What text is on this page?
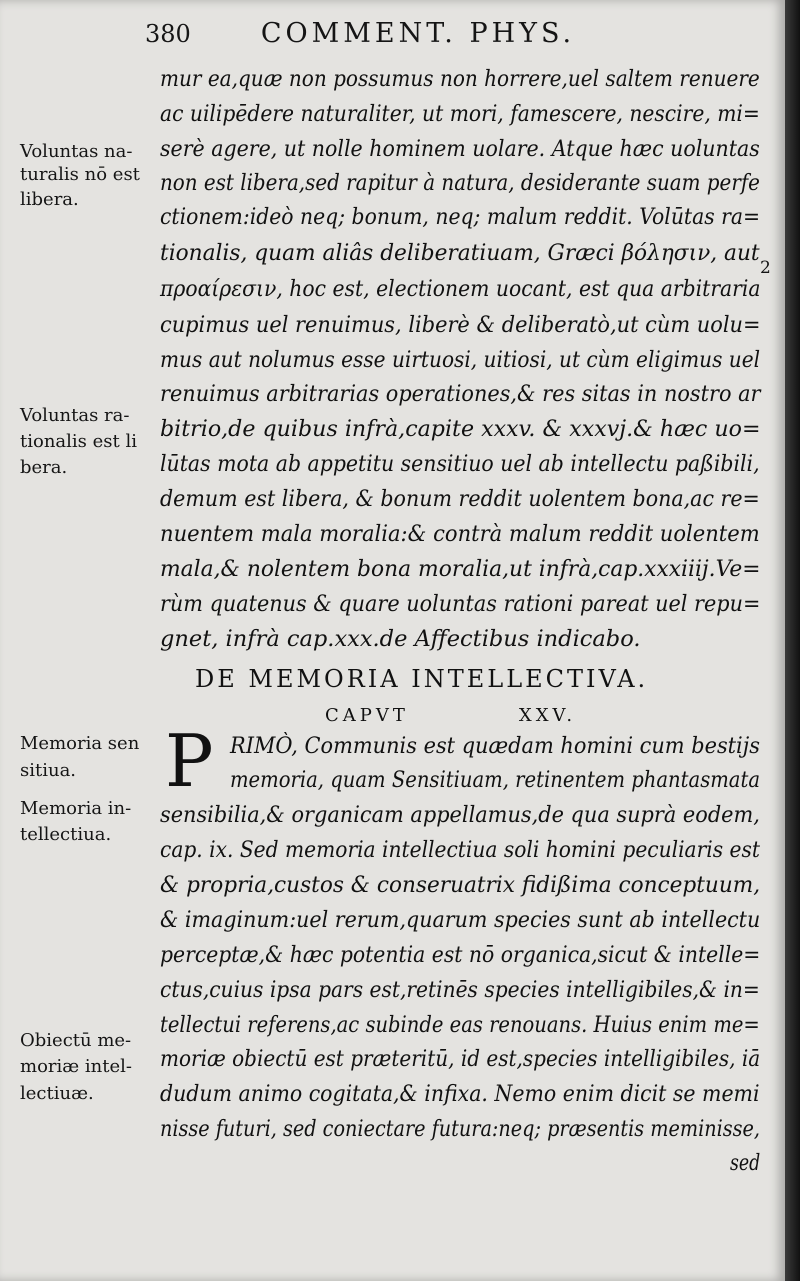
380	COMMENT. PHYS.
mur ea,quæ non possumus non horrere,uel saltem renuere
ac uilipēdere naturaliter, ut mori, famescere, nescire, mi=
serè agere, ut nolle hominem uolare. Atque hæc uoluntas
non est libera,sed rapitur à natura, desiderante suam perfe
ctionem:ideò neq; bonum, neq; malum reddit. Volūtas ra=
tionalis, quam aliâs deliberatiuam, Græci βόλησιν, aut
προαίρεσιν, hoc est, electionem uocant, est qua arbitraria
cupimus uel renuimus, liberè & deliberatò,ut cùm uolu=
mus aut nolumus esse uirtuosi, uitiosi, ut cùm eligimus uel
renuimus arbitrarias operationes,& res sitas in nostro ar
bitrio,de quibus infrà,capite xxxv. & xxxvj.& hæc uo=
lūtas mota ab appetitu sensitiuo uel ab intellectu paßibili,
demum est libera, & bonum reddit uolentem bona,ac re=
nuentem mala moralia:& contrà malum reddit uolentem
mala,& nolentem bona moralia,ut infrà,cap.xxxiiij.Ve=
rùm quatenus & quare uoluntas rationi pareat uel repu=
gnet, infrà cap.xxx.de Affectibus indicabo.
2
DE MEMORIA INTELLECTIVA.
CAPVT	XXV.
P RIMÒ, Communis est quædam homini cum bestijs
memoria, quam Sensitiuam, retinentem phantasmata
sensibilia,& organicam appellamus,de qua suprà eodem,
cap. ix. Sed memoria intellectiua soli homini peculiaris est
& propria,custos & conseruatrix fidißima conceptuum,
& imaginum:uel rerum,quarum species sunt ab intellectu
perceptæ,& hæc potentia est nō organica,sicut & intelle=
ctus,cuius ipsa pars est,retinēs species intelligibiles,& in=
tellectui referens,ac subinde eas renouans. Huius enim me=
moriæ obiectū est præteritū, id est,species intelligibiles, iā
dudum animo cogitata,& infixa. Nemo enim dicit se memi
nisse futuri, sed coniectare futura:neq; præsentis meminisse,
sed
Voluntas na-
turalis nō est
libera.
Voluntas ra-
tionalis est li
bera.
Memoria sen
sitiua.
Memoria in-
tellectiua.
Obiectū me-
moriæ intel-
lectiuæ.
